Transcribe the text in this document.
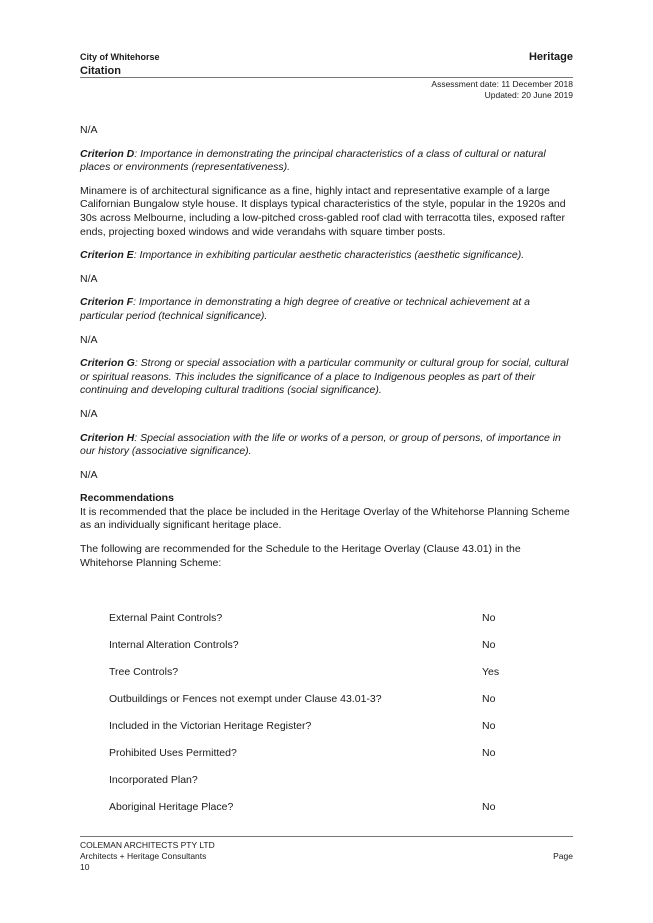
City of Whitehorse
Citation
Heritage
Assessment date: 11 December 2018
Updated: 20 June 2019

N/A

Criterion D: Importance in demonstrating the principal characteristics of a class of cultural or natural places or environments (representativeness).

Minamere is of architectural significance as a fine, highly intact and representative example of a large Californian Bungalow style house. It displays typical characteristics of the style, popular in the 1920s and 30s across Melbourne, including a low-pitched cross-gabled roof clad with terracotta tiles, exposed rafter ends, projecting boxed windows and wide verandahs with square timber posts.

Criterion E: Importance in exhibiting particular aesthetic characteristics (aesthetic significance).

N/A

Criterion F: Importance in demonstrating a high degree of creative or technical achievement at a particular period (technical significance).

N/A

Criterion G: Strong or special association with a particular community or cultural group for social, cultural or spiritual reasons. This includes the significance of a place to Indigenous peoples as part of their continuing and developing cultural traditions (social significance).

N/A

Criterion H: Special association with the life or works of a person, or group of persons, of importance in our history (associative significance).

N/A

Recommendations

It is recommended that the place be included in the Heritage Overlay of the Whitehorse Planning Scheme as an individually significant heritage place.

The following are recommended for the Schedule to the Heritage Overlay (Clause 43.01) in the Whitehorse Planning Scheme:

External Paint Controls?	No
Internal Alteration Controls?	No
Tree Controls?	Yes
Outbuildings or Fences not exempt under Clause 43.01-3?	No
Included in the Victorian Heritage Register?	No
Prohibited Uses Permitted?	No
Incorporated Plan?	
Aboriginal Heritage Place?	No
COLEMAN ARCHITECTS PTY LTD
Architects + Heritage Consultants
10
Page
